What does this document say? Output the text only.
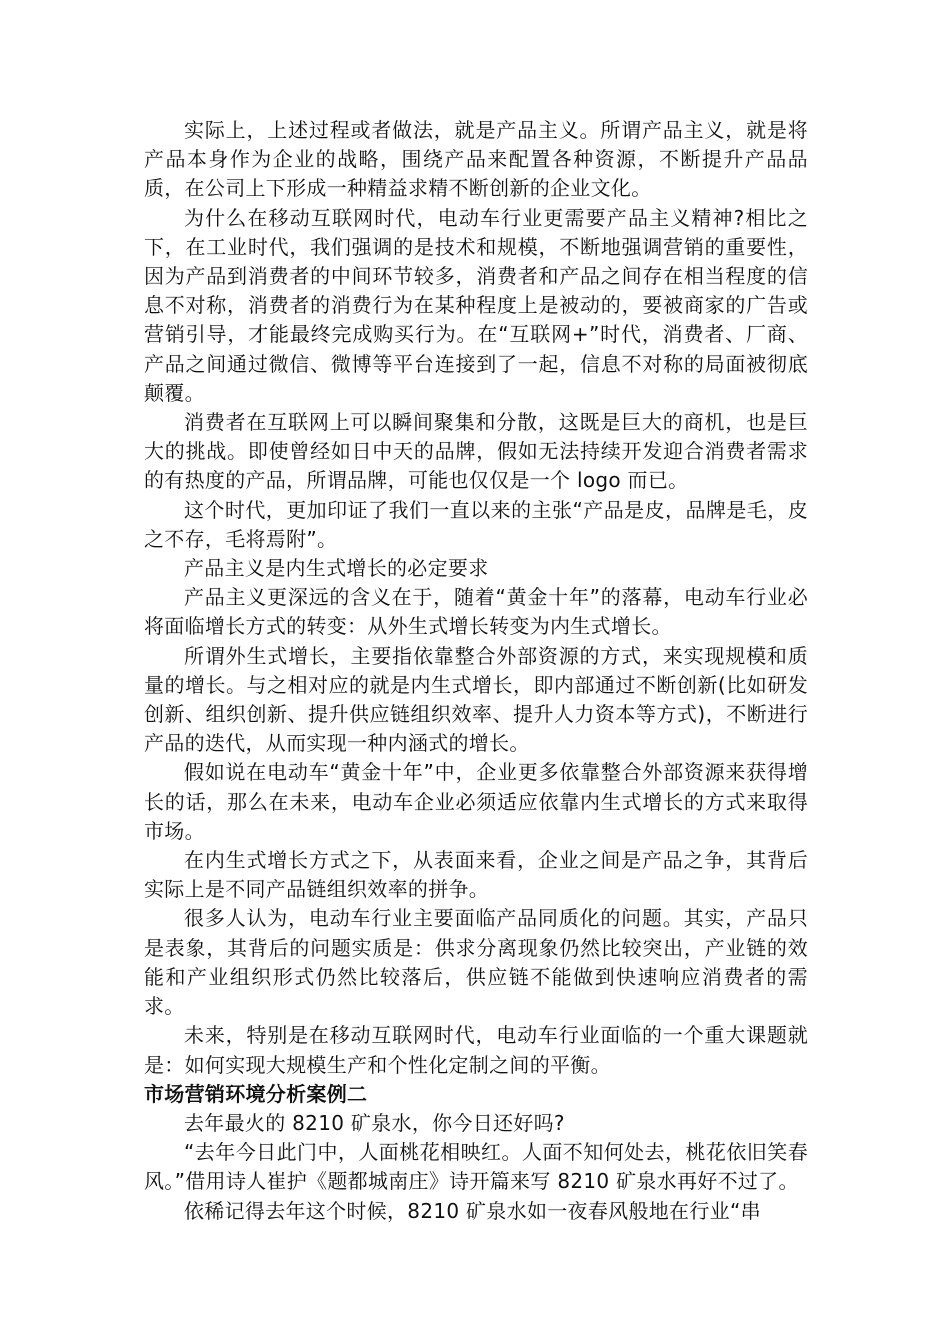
实际上，上述过程或者做法，就是产品主义。所谓产品主义，就是将产品本身作为企业的战略，围绕产品来配置各种资源，不断提升产品品质，在公司上下形成一种精益求精不断创新的企业文化。

为什么在移动互联网时代，电动车行业更需要产品主义精神?相比之下，在工业时代，我们强调的是技术和规模，不断地强调营销的重要性，因为产品到消费者的中间环节较多，消费者和产品之间存在相当程度的信息不对称，消费者的消费行为在某种程度上是被动的，要被商家的广告或营销引导，才能最终完成购买行为。在“互联网+”时代，消费者、厂商、产品之间通过微信、微博等平台连接到了一起，信息不对称的局面被彻底颠覆。

消费者在互联网上可以瞬间聚集和分散，这既是巨大的商机，也是巨大的挑战。即使曾经如日中天的品牌，假如无法持续开发迎合消费者需求的有热度的产品，所谓品牌，可能也仅仅是一个 logo 而已。

这个时代，更加印证了我们一直以来的主张“产品是皮，品牌是毛，皮之不存，毛将焉附”。

产品主义是内生式增长的必定要求

产品主义更深远的含义在于，随着“黄金十年”的落幕，电动车行业必将面临增长方式的转变：从外生式增长转变为内生式增长。

所谓外生式增长，主要指依靠整合外部资源的方式，来实现规模和质量的增长。与之相对应的就是内生式增长，即内部通过不断创新(比如研发创新、组织创新、提升供应链组织效率、提升人力资本等方式)，不断进行产品的迭代，从而实现一种内涵式的增长。

假如说在电动车“黄金十年”中，企业更多依靠整合外部资源来获得增长的话，那么在未来，电动车企业必须适应依靠内生式增长的方式来取得市场。

在内生式增长方式之下，从表面来看，企业之间是产品之争，其背后实际上是不同产品链组织效率的拼争。

很多人认为，电动车行业主要面临产品同质化的问题。其实，产品只是表象，其背后的问题实质是：供求分离现象仍然比较突出，产业链的效能和产业组织形式仍然比较落后，供应链不能做到快速响应消费者的需求。

未来，特别是在移动互联网时代，电动车行业面临的一个重大课题就是：如何实现大规模生产和个性化定制之间的平衡。

市场营销环境分析案例二

去年最火的 8210 矿泉水，你今日还好吗?

“去年今日此门中，人面桃花相映红。人面不知何处去，桃花依旧笑春风。”借用诗人崔护《题都城南庄》诗开篇来写 8210 矿泉水再好不过了。

依稀记得去年这个时候，8210 矿泉水如一夜春风般地在行业“串
